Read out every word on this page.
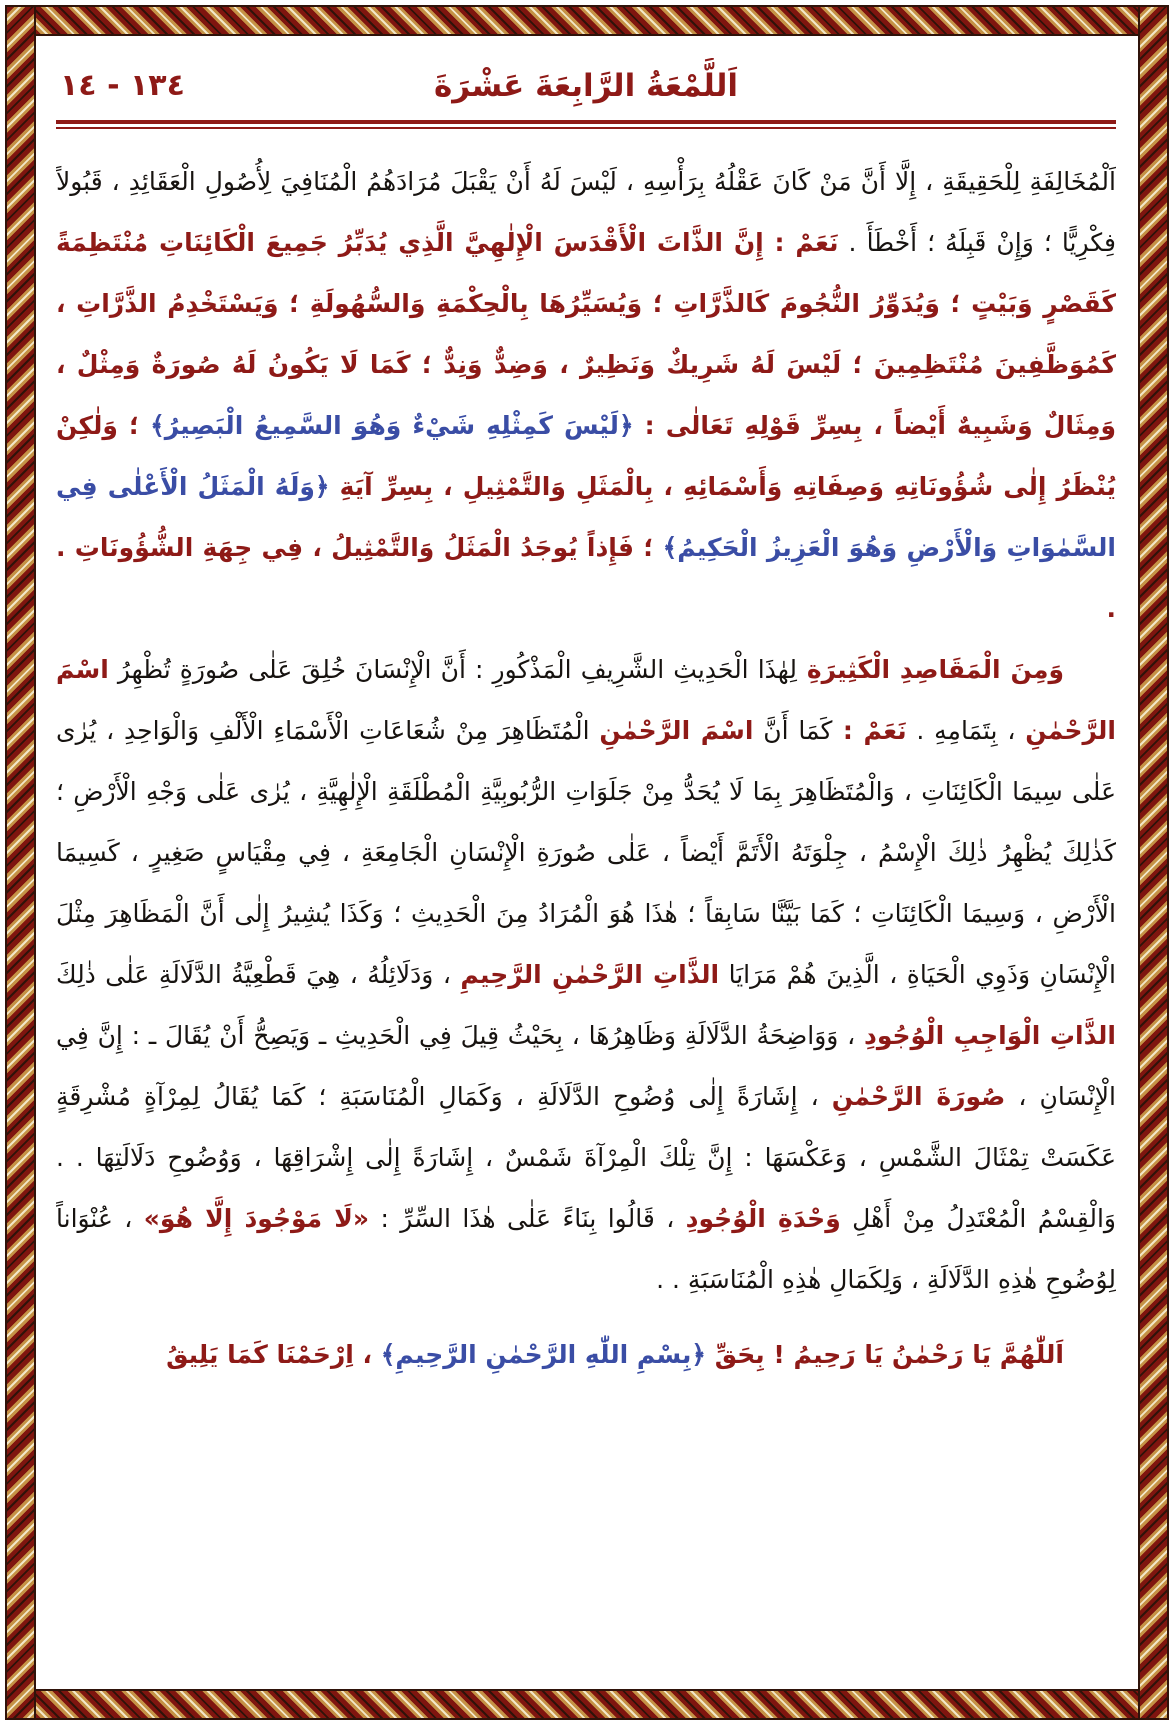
اَللَّمْعَةُ الرَّابِعَةَ عَشْرَةَ
١٣٤ - ١٤

اَلْمُخَالِفَةِ لِلْحَقِيقَةِ ، إِلَّا أَنَّ مَنْ كَانَ عَقْلُهُ بِرَأْسِهِ ، لَيْسَ لَهُ أَنْ يَقْبَلَ مُرَادَهُمُ الْمُنَافِيَ لِأُصُولِ الْعَقَائِدِ ، قَبُولاً فِكْرِيًّا ؛ وَإِنْ قَبِلَهُ ؛ أَخْطَأَ . نَعَمْ : إِنَّ الذَّاتَ الْأَقْدَسَ الْإِلٰهِيَّ الَّذِي يُدَبِّرُ جَمِيعَ الْكَائِنَاتِ مُنْتَظِمَةً كَقَصْرٍ وَبَيْتٍ ؛ وَيُدَوِّرُ النُّجُومَ كَالذَّرَّاتِ ؛ وَيُسَيِّرُهَا بِالْحِكْمَةِ وَالسُّهُولَةِ ؛ وَيَسْتَخْدِمُ الذَّرَّاتِ ، كَمُوَظَّفِينَ مُنْتَظِمِينَ ؛ لَيْسَ لَهُ شَرِيكٌ وَنَظِيرٌ ، وَضِدٌّ وَنِدٌّ ؛ كَمَا لَا يَكُونُ لَهُ صُورَةٌ وَمِثْلٌ ، وَمِثَالٌ وَشَبِيهٌ أَيْضاً ، بِسِرِّ قَوْلِهِ تَعَالٰى : ﴿لَيْسَ كَمِثْلِهِ شَيْءٌ وَهُوَ السَّمِيعُ الْبَصِيرُ﴾ ؛ وَلٰكِنْ يُنْظَرُ إِلٰى شُؤُونَاتِهِ وَصِفَاتِهِ وَأَسْمَائِهِ ، بِالْمَثَلِ وَالتَّمْثِيلِ ، بِسِرِّ آيَةِ ﴿وَلَهُ الْمَثَلُ الْأَعْلٰى فِي السَّمٰوَاتِ وَالْأَرْضِ وَهُوَ الْعَزِيزُ الْحَكِيمُ﴾ ؛ فَإِذاً يُوجَدُ الْمَثَلُ وَالتَّمْثِيلُ ، فِي جِهَةِ الشُّؤُونَاتِ . .

وَمِنَ الْمَقَاصِدِ الْكَثِيرَةِ لِهٰذَا الْحَدِيثِ الشَّرِيفِ الْمَذْكُورِ : أَنَّ الْإِنْسَانَ خُلِقَ عَلٰى صُورَةٍ تُظْهِرُ اسْمَ الرَّحْمٰنِ ، بِتَمَامِهِ . نَعَمْ : كَمَا أَنَّ اسْمَ الرَّحْمٰنِ الْمُتَظَاهِرَ مِنْ شُعَاعَاتِ الْأَسْمَاءِ الْأَلْفِ وَالْوَاحِدِ ، يُرٰى عَلٰى سِيمَا الْكَائِنَاتِ ، وَالْمُتَظَاهِرَ بِمَا لَا يُحَدُّ مِنْ جَلَوَاتِ الرُّبُوبِيَّةِ الْمُطْلَقَةِ الْإِلٰهِيَّةِ ، يُرٰى عَلٰى وَجْهِ الْأَرْضِ ؛ كَذٰلِكَ يُظْهِرُ ذٰلِكَ الْإِسْمُ ، جِلْوَتَهُ الْأَتَمَّ أَيْضاً ، عَلٰى صُورَةِ الْإِنْسَانِ الْجَامِعَةِ ، فِي مِقْيَاسٍ صَغِيرٍ ، كَسِيمَا الْأَرْضِ ، وَسِيمَا الْكَائِنَاتِ ؛ كَمَا بَيَّنَّا سَابِقاً ؛ هٰذَا هُوَ الْمُرَادُ مِنَ الْحَدِيثِ ؛ وَكَذَا يُشِيرُ إِلٰى أَنَّ الْمَظَاهِرَ مِثْلَ الْإِنْسَانِ وَذَوِي الْحَيَاةِ ، الَّذِينَ هُمْ مَرَايَا الذَّاتِ الرَّحْمٰنِ الرَّحِيمِ ، وَدَلَائِلُهُ ، هِيَ قَطْعِيَّةُ الدَّلَالَةِ عَلٰى ذٰلِكَ الذَّاتِ الْوَاجِبِ الْوُجُودِ ، وَوَاضِحَةُ الدَّلَالَةِ وَظَاهِرُهَا ، بِحَيْثُ قِيلَ فِي الْحَدِيثِ ـ وَيَصِحُّ أَنْ يُقَالَ ـ : إِنَّ فِي الْإِنْسَانِ ، صُورَةَ الرَّحْمٰنِ ، إِشَارَةً إِلٰى وُضُوحِ الدَّلَالَةِ ، وَكَمَالِ الْمُنَاسَبَةِ ؛ كَمَا يُقَالُ لِمِرْآةٍ مُشْرِقَةٍ عَكَسَتْ تِمْثَالَ الشَّمْسِ ، وَعَكْسَهَا : إِنَّ تِلْكَ الْمِرْآةَ شَمْسٌ ، إِشَارَةً إِلٰى إِشْرَاقِهَا ، وَوُضُوحِ دَلَالَتِهَا . . وَالْقِسْمُ الْمُعْتَدِلُ مِنْ أَهْلِ وَحْدَةِ الْوُجُودِ ، قَالُوا بِنَاءً عَلٰى هٰذَا السِّرِّ : «لَا مَوْجُودَ إِلَّا هُوَ» ، عُنْوَاناً لِوُضُوحِ هٰذِهِ الدَّلَالَةِ ، وَلِكَمَالِ هٰذِهِ الْمُنَاسَبَةِ . .

اَللّٰهُمَّ يَا رَحْمٰنُ يَا رَحِيمُ ! بِحَقِّ ﴿بِسْمِ اللّٰهِ الرَّحْمٰنِ الرَّحِيمِ﴾ ، اِرْحَمْنَا كَمَا يَلِيقُ
